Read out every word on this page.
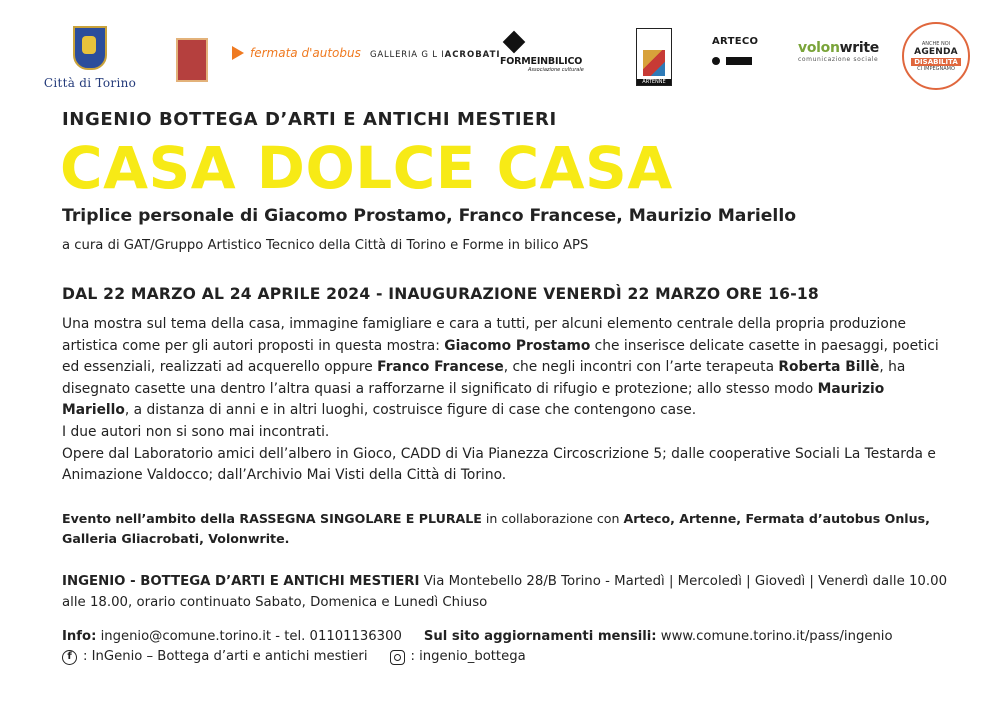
Città di Torino
fermata d'autobus GALLERIA G L I ACROBATI
FORMEINBILICO
Associazione culturale
ARTENNE
ARTECO	volonwrite
comunicazione sociale
ANCHE NOI
AGENDA
DISABILITÀ
CI IMPEGNAMO
INGENIO BOTTEGA D’ARTI E ANTICHI MESTIERI
CASA DOLCE CASA
Triplice personale di Giacomo Prostamo, Franco Francese, Maurizio Mariello
a cura di GAT/Gruppo Artistico Tecnico della Città di Torino e Forme in bilico APS
DAL 22 MARZO AL 24 APRILE 2024 - INAUGURAZIONE VENERDÌ 22 MARZO ORE 16-18

Una mostra sul tema della casa, immagine famigliare e cara a tutti, per alcuni elemento centrale della propria produzione artistica come per gli autori proposti in questa mostra: Giacomo Prostamo che inserisce delicate casette in paesaggi, poetici ed essenziali, realizzati ad acquerello oppure Franco Francese, che negli incontri con l’arte terapeuta Roberta Billè, ha disegnato casette una dentro l’altra quasi a rafforzarne il significato di rifugio e protezione; allo stesso modo Maurizio Mariello, a distanza di anni e in altri luoghi, costruisce figure di case che contengono case.

I due autori non si sono mai incontrati.

Opere dal Laboratorio amici dell’albero in Gioco, CADD di Via Pianezza Circoscrizione 5; dalle cooperative Sociali La Testarda e Animazione Valdocco; dall’Archivio Mai Visti della Città di Torino.

Evento nell’ambito della RASSEGNA SINGOLARE E PLURALE in collaborazione con Arteco, Artenne, Fermata d’autobus Onlus, Galleria Gliacrobati, Volonwrite.
INGENIO - BOTTEGA D’ARTI E ANTICHI MESTIERI Via Montebello 28/B Torino - Martedì | Mercoledì | Giovedì | Venerdì dalle 10.00 alle 18.00, orario continuato Sabato, Domenica e Lunedì Chiuso
Info: ingenio@comune.torino.it - tel. 01101136300 Sul sito aggiornamenti mensili: www.comune.torino.it/pass/ingenio
f : InGenio – Bottega d’arti e antichi mestieri	: ingenio_bottega
